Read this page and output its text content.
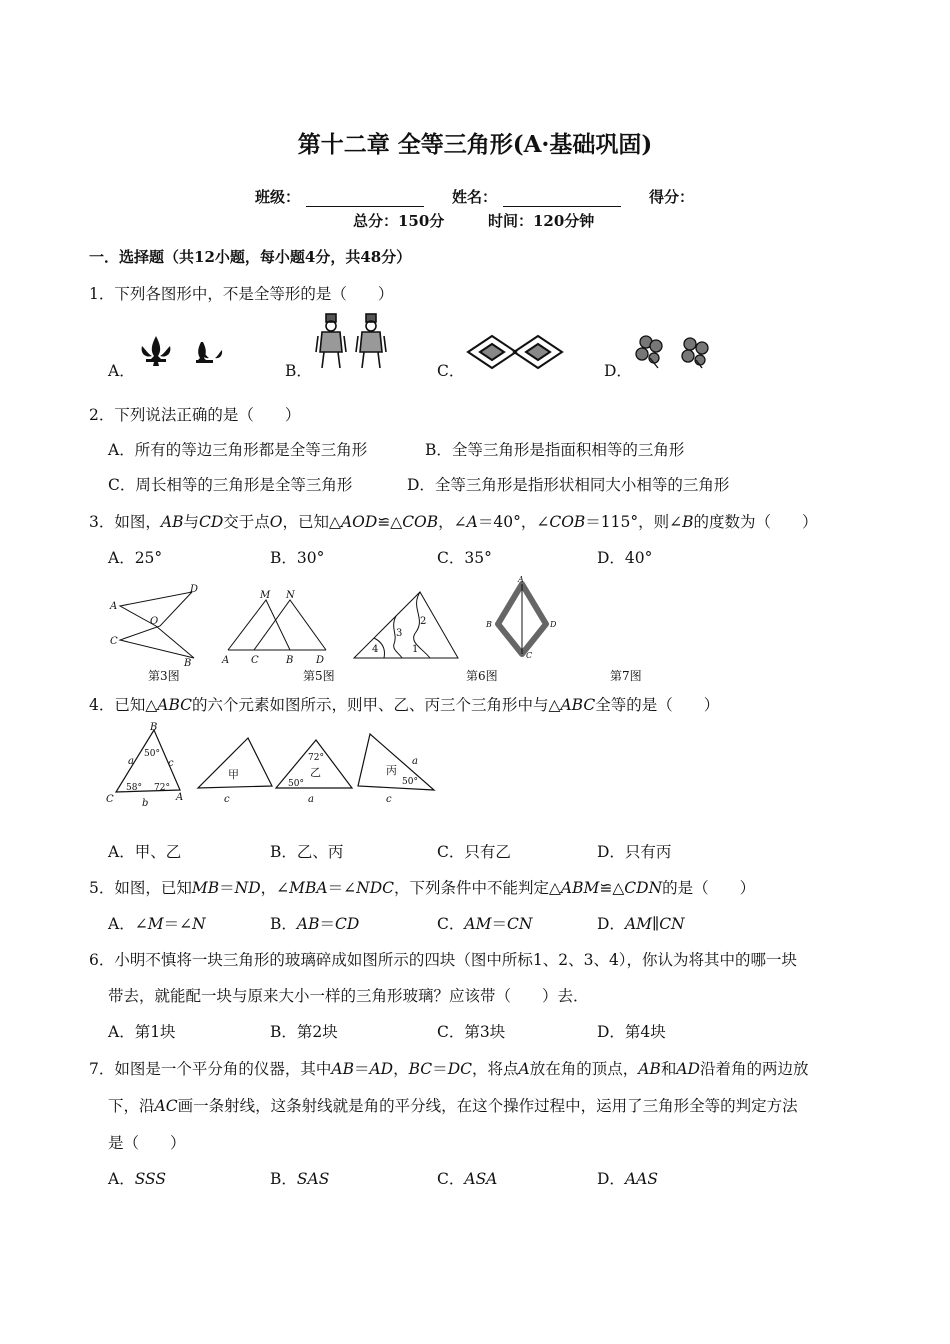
第十二章 全等三角形(A·基础巩固)
班级：	姓名：	得分：
总分：150分	时间：120分钟
一．选择题（共12小题，每小题4分，共48分）
1．下列各图形中，不是全等形的是（　　）
A．	B．	C．	D．
2．下列说法正确的是（　　）
A．所有的等边三角形都是全等三角形	B．全等三角形是指面积相等的三角形
C．周长相等的三角形是全等三角形	D．全等三角形是指形状相同大小相等的三角形
3．如图，AB与CD交于点O，已知△AOD≌△COB，∠A＝40°，∠COB＝115°，则∠B的度数为（　　）
A．25°	B．30°	C．35°	D．40°
A
B
C
D
O
第3图
M N
A C	B D
第5图
2
1
3
4
第6图
A
B
C
D
第7图
4．已知△ABC的六个元素如图所示，则甲、乙、丙三个三角形中与△ABC全等的是（　　）
B
C	A
a	c
b
50°
58° 72°
甲
c
72°
乙
50°
a
丙
a
50°
c
A．甲、乙	B．乙、丙	C．只有乙	D．只有丙
5．如图，已知MB＝ND，∠MBA＝∠NDC，下列条件中不能判定△ABM≌△CDN的是（　　）
A．∠M＝∠N	B．AB＝CD	C．AM＝CN	D．AM∥CN
6．小明不慎将一块三角形的玻璃碎成如图所示的四块（图中所标1、2、3、4），你认为将其中的哪一块
带去，就能配一块与原来大小一样的三角形玻璃？应该带（　　）去．
A．第1块	B．第2块	C．第3块	D．第4块
7．如图是一个平分角的仪器，其中AB＝AD，BC＝DC，将点A放在角的顶点，AB和AD沿着角的两边放
下，沿AC画一条射线，这条射线就是角的平分线，在这个操作过程中，运用了三角形全等的判定方法
是（　　）
A．SSS	B．SAS	C．ASA	D．AAS
